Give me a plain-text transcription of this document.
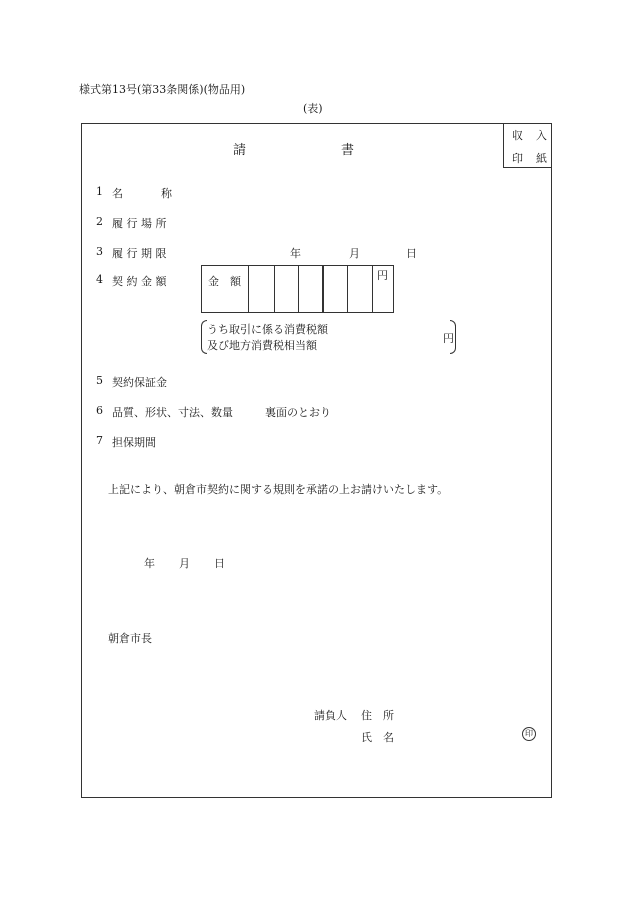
様式第13号(第33条関係)(物品用)
(表)
収 入
印 紙
請	書
1 名	称
2 履 行 場 所
3 履 行 期 限	年	月	日
4 契 約 金 額	金　額	円
うち取引に係る消費税額
及び地方消費税相当額
円
5 契約保証金
6 品質、形状、寸法、数量	裏面のとおり
7 担保期間
上記により、朝倉市契約に関する規則を承諾の上お請けいたします。
年 月 日
朝倉市長
請負人 住　所
氏　名	印
